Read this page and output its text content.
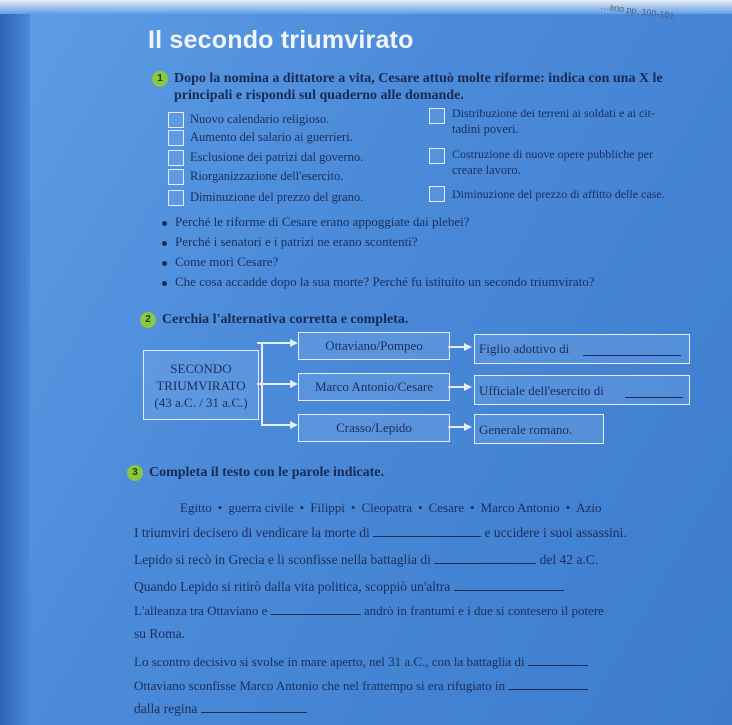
…ano pp. 100-101
Il secondo triumvirato
1 Dopo la nomina a dittatore a vita, Cesare attuò molte riforme: indica con una X le principali e rispondi sul quaderno alle domande.
Nuovo calendario religioso.
Aumento del salario ai guerrieri.
Esclusione dei patrizi dal governo.
Riorganizzazione dell'esercito.
Diminuzione del prezzo del grano.
Distribuzione dei terreni ai soldati e ai cit-
tadini poveri.
Costruzione di nuove opere pubbliche per
creare lavoro.
Diminuzione del prezzo di affitto delle case.
Perché le riforme di Cesare erano appoggiate dai plebei?
Perché i senatori e i patrizi ne erano scontenti?
Come morì Cesare?
Che cosa accadde dopo la sua morte? Perché fu istituito un secondo triumvirato?
2 Cerchia l'alternativa corretta e completa.
SECONDO
TRIUMVIRATO
(43 a.C. / 31 a.C.)
Ottaviano/Pompeo
Marco Antonio/Cesare
Crasso/Lepido
Figlio adottivo di
Ufficiale dell'esercito di
Generale romano.
3 Completa il testo con le parole indicate.
Egitto • guerra civile • Filippi • Cleopatra • Cesare • Marco Antonio • Azio
I triumviri decisero di vendicare la morte di	e uccidere i suoi assassini.
Lepido si recò in Grecia e li sconfisse nella battaglia di	del 42 a.C.
Quando Lepido si ritirò dalla vita politica, scoppiò un'altra
L'alleanza tra Ottaviano e	andrò in frantumi e i due si contesero il potere
su Roma.
Lo scontro decisivo si svolse in mare aperto, nel 31 a.C., con la battaglia di
Ottaviano sconfisse Marco Antonio che nel frattempo si era rifugiato in
dalla regina
